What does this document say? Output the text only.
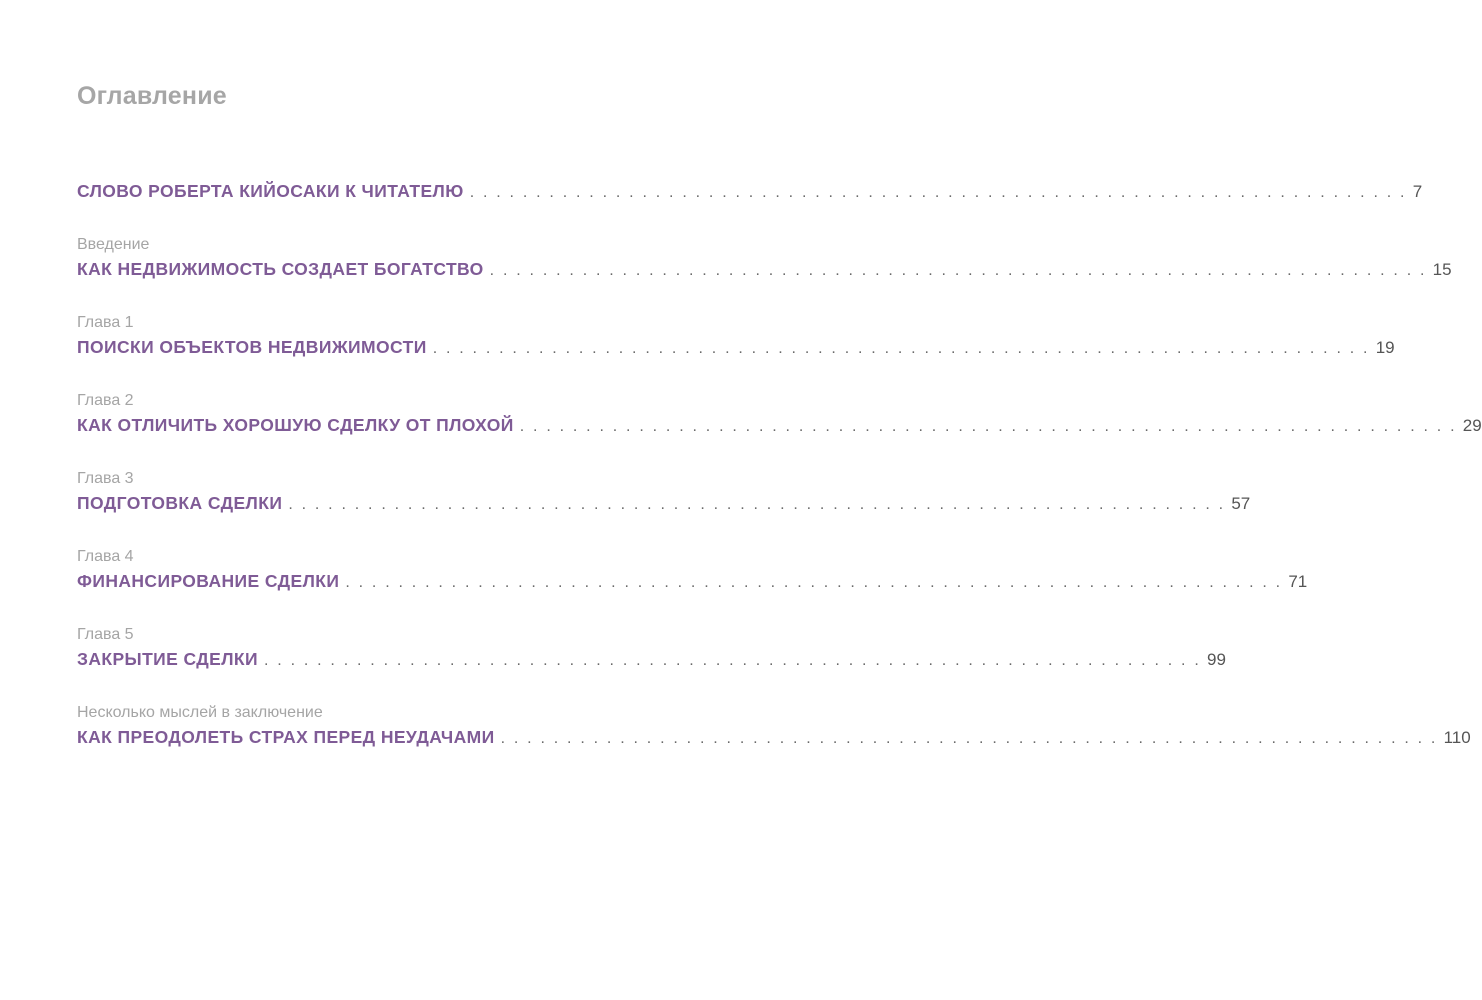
Оглавление
СЛОВО РОБЕРТА КИЙОСАКИ К ЧИТАТЕЛЮ . . . . . . . . . . . . . . . . . . . . . . . . . . . . . . . . . . . . . . . . . . . . . . . . . . . . . . . . . . . . . . . . . . . . . . . 7
Введение
КАК НЕДВИЖИМОСТЬ СОЗДАЕТ БОГАТСТВО . . . . . . . . . . . . . . . . . . . . . . . . . . . . . . . . . . . . . . . . . . . . . . . . . . . . . . . . . . . . . . . . . . . . . . . 15
Глава 1
ПОИСКИ ОБЪЕКТОВ НЕДВИЖИМОСТИ . . . . . . . . . . . . . . . . . . . . . . . . . . . . . . . . . . . . . . . . . . . . . . . . . . . . . . . . . . . . . . . . . . . . . . . 19
Глава 2
КАК ОТЛИЧИТЬ ХОРОШУЮ СДЕЛКУ ОТ ПЛОХОЙ . . . . . . . . . . . . . . . . . . . . . . . . . . . . . . . . . . . . . . . . . . . . . . . . . . . . . . . . . . . . . . . . . . . . . . . 29
Глава 3
ПОДГОТОВКА СДЕЛКИ . . . . . . . . . . . . . . . . . . . . . . . . . . . . . . . . . . . . . . . . . . . . . . . . . . . . . . . . . . . . . . . . . . . . . . . 57
Глава 4
ФИНАНСИРОВАНИЕ СДЕЛКИ . . . . . . . . . . . . . . . . . . . . . . . . . . . . . . . . . . . . . . . . . . . . . . . . . . . . . . . . . . . . . . . . . . . . . . . 71
Глава 5
ЗАКРЫТИЕ СДЕЛКИ . . . . . . . . . . . . . . . . . . . . . . . . . . . . . . . . . . . . . . . . . . . . . . . . . . . . . . . . . . . . . . . . . . . . . . . 99
Несколько мыслей в заключение
КАК ПРЕОДОЛЕТЬ СТРАХ ПЕРЕД НЕУДАЧАМИ . . . . . . . . . . . . . . . . . . . . . . . . . . . . . . . . . . . . . . . . . . . . . . . . . . . . . . . . . . . . . . . . . . . . . . . 110
